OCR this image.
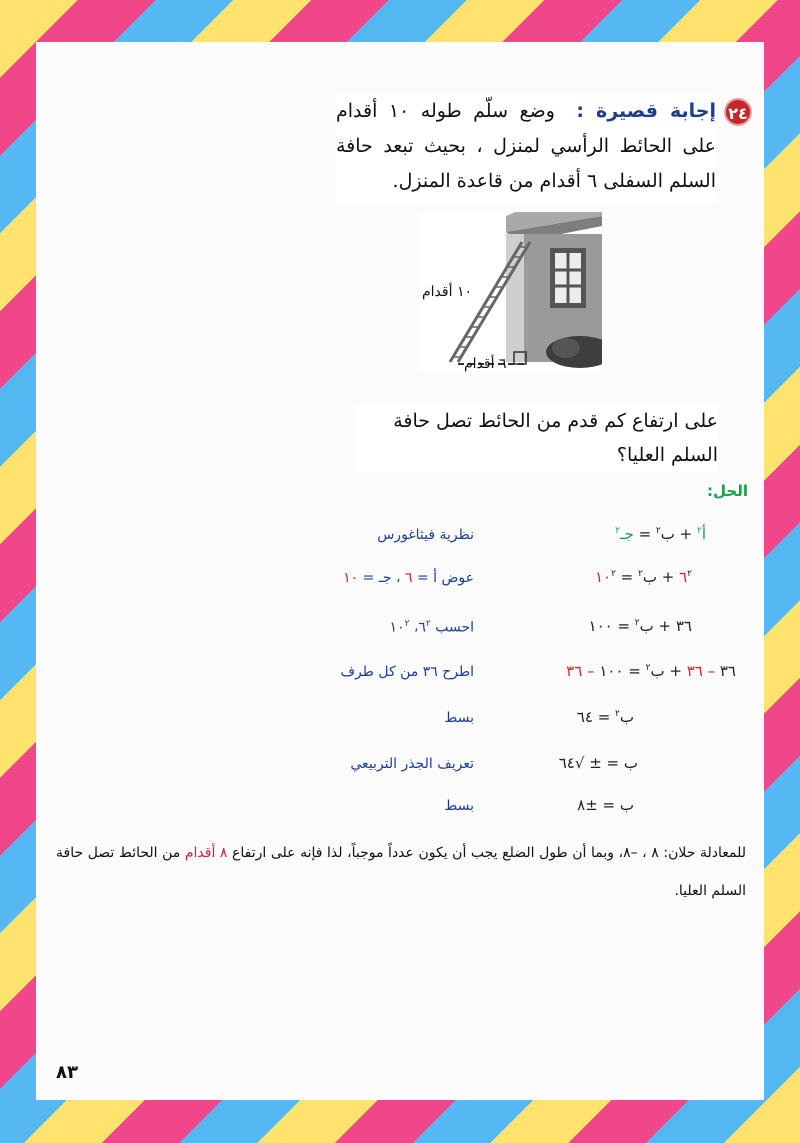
٢٤
إجابة قصيرة : وضع سلّم طوله ١٠ أقدام على الحائط الرأسي لمنزل ، بحيث تبعد حافة السلم السفلى ٦ أقدام من قاعدة المنزل.
١٠ أقدام
٦ أقدام
على ارتفاع كم قدم من الحائط تصل حافة السلم العليا؟
الحل:
أ$^٢$ + ب$^٢$ = جـ$^٢$
نظرية فيثاغورس
$٦^٢$ + ب$^٢$ = $١٠^٢$
عوض أ = ٦ ، جـ = ١٠
٣٦ + ب$^٢$ = ١٠٠
احسب $٦^٢،$ $١٠^٢$
٣٦ – ٣٦ + ب$^٢$ = ١٠٠ – ٣٦
اطرح ٣٦ من كل طرف
ب$^٢$ = ٦٤
بسط
ب = ± √٦٤
تعريف الجذر التربيعي
ب = ±٨
بسط
للمعادلة حلان: ٨ ، –٨، وبما أن طول الضلع يجب أن يكون عدداً موجباً، لذا فإنه على ارتفاع ٨ أقدام من الحائط تصل حافة السلم العليا.
٨٣
